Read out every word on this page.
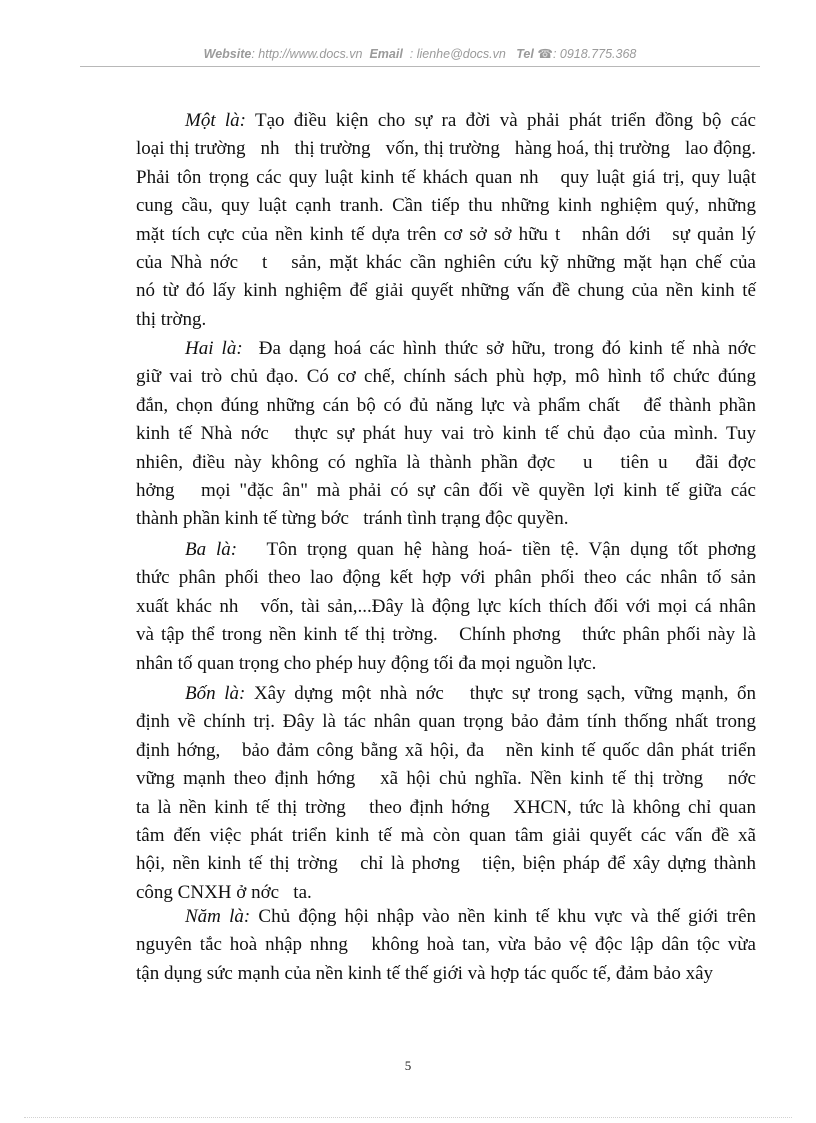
Website: http://www.docs.vn Email : lienhe@docs.vn Tel ☎: 0918.775.368
Một là: Tạo điều kiện cho sự ra đời và phải phát triển đồng bộ các
loại thị trường   nh   thị trường   vốn, thị trường   hàng hoá, thị trường   lao động.
Phải tôn trọng các quy luật kinh tế khách quan nh   quy luật giá trị, quy luật
cung cầu, quy luật cạnh tranh. Cần tiếp thu những kinh nghiệm quý, những
mặt tích cực của nền kinh tế dựa trên cơ sở sở hữu t   nhân dới   sự quản lý
của Nhà nớc   t   sản, mặt khác cần nghiên cứu kỹ những mặt hạn chế của
nó từ đó lấy kinh nghiệm để giải quyết những vấn đề chung của nền kinh tế
thị trờng.
Hai là:  Đa dạng hoá các hình thức sở hữu, trong đó kinh tế nhà nớc
giữ vai trò chủ đạo. Có cơ chế, chính sách phù hợp, mô hình tổ chức đúng
đắn, chọn đúng những cán bộ có đủ năng lực và phẩm chất   để thành phần
kinh tế Nhà nớc   thực sự phát huy vai trò kinh tế chủ đạo của mình. Tuy
nhiên, điều này không có nghĩa là thành phần đợc   u   tiên u   đãi đợc
hởng   mọi "đặc ân" mà phải có sự cân đối về quyền lợi kinh tế giữa các
thành phần kinh tế từng bớc   tránh tình trạng độc quyền.
Ba là:   Tôn trọng quan hệ hàng hoá- tiền tệ. Vận dụng tốt phơng
thức phân phối theo lao động kết hợp với phân phối theo các nhân tố sản
xuất khác nh   vốn, tài sản,...Đây là động lực kích thích đối với mọi cá nhân
và tập thể trong nền kinh tế thị trờng.   Chính phơng   thức phân phối này là
nhân tố quan trọng cho phép huy động tối đa mọi nguồn lực.
Bốn là: Xây dựng một nhà nớc   thực sự trong sạch, vững mạnh, ổn
định về chính trị. Đây là tác nhân quan trọng bảo đảm tính thống nhất trong
định hớng,   bảo đảm công bằng xã hội, đa   nền kinh tế quốc dân phát triển
vững mạnh theo định hớng   xã hội chủ nghĩa. Nền kinh tế thị trờng   nớc
ta là nền kinh tế thị trờng   theo định hớng   XHCN, tức là không chỉ quan
tâm đến việc phát triển kinh tế mà còn quan tâm giải quyết các vấn đề xã
hội, nền kinh tế thị trờng   chỉ là phơng   tiện, biện pháp để xây dựng thành
công CNXH ở nớc   ta.
Năm là: Chủ động hội nhập vào nền kinh tế khu vực và thế giới trên
nguyên tắc hoà nhập nhng   không hoà tan, vừa bảo vệ độc lập dân tộc vừa
tận dụng sức mạnh của nền kinh tế thế giới và hợp tác quốc tế, đảm bảo xây
5
